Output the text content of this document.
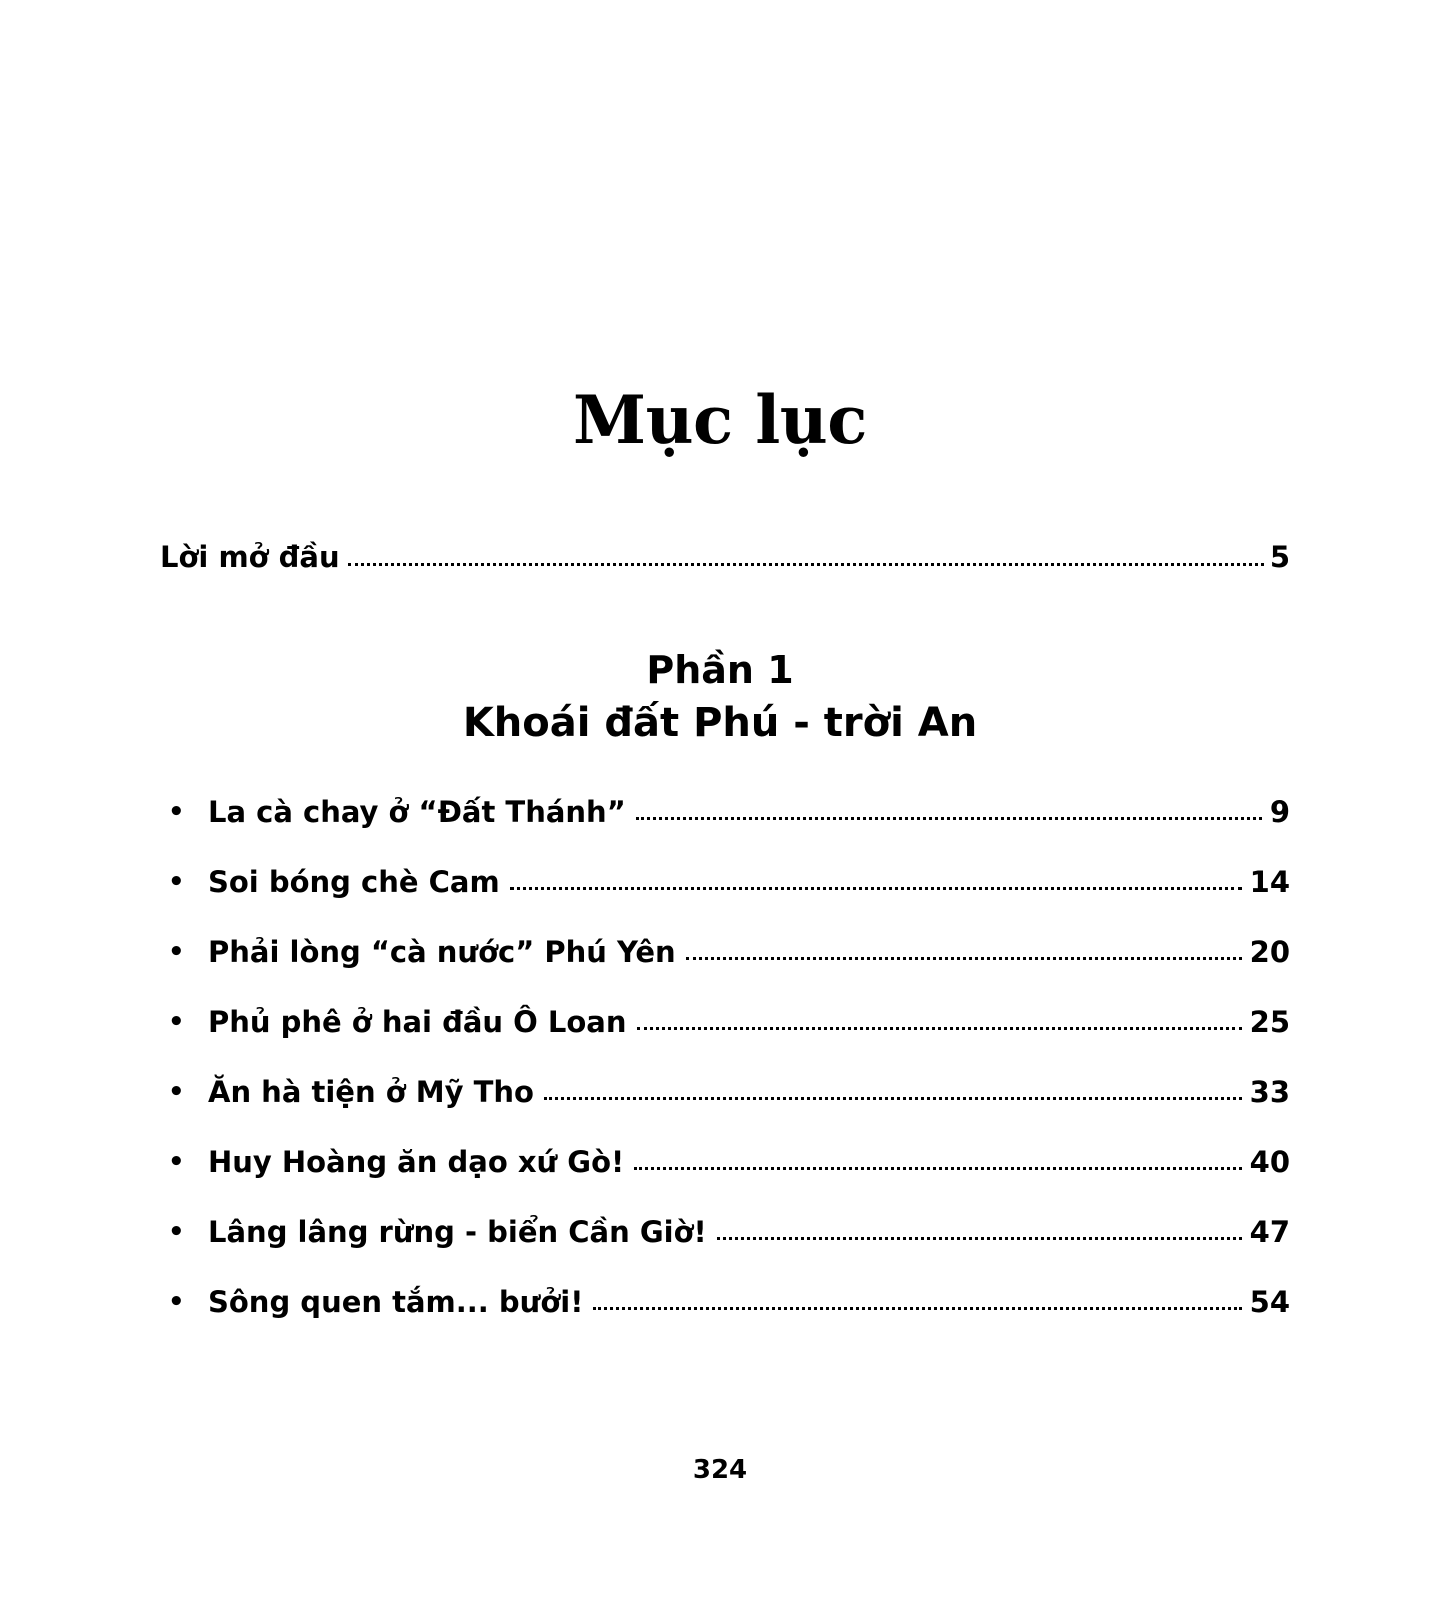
Mục lục
Lời mở đầu	5
Phần 1
Khoái đất Phú - trời An
• La cà chay ở “Đất Thánh”	9
• Soi bóng chè Cam	14
• Phải lòng “cà nước” Phú Yên	20
• Phủ phê ở hai đầu Ô Loan	25
• Ăn hà tiện ở Mỹ Tho	33
• Huy Hoàng ăn dạo xứ Gò!	40
• Lâng lâng rừng - biển Cần Giờ!	47
• Sông quen tắm... bưởi!	54
324
